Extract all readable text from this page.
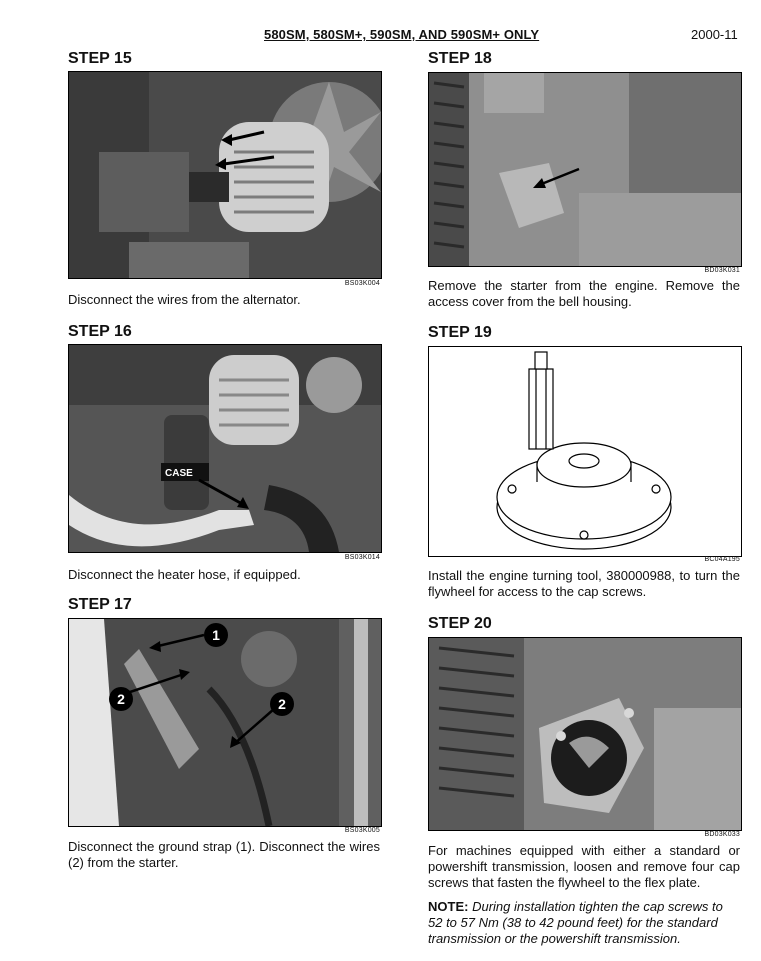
580SM, 580SM+, 590SM, AND 590SM+ ONLY	2000-11
STEP 15
BS03K004
Disconnect the wires from the alternator.
STEP 16
CASE
BS03K014
Disconnect the heater hose, if equipped.
STEP 17
1
2	2
BS03K005
Disconnect the ground strap (1). Disconnect the wires (2) from the starter.
STEP 18
BD03K031
Remove the starter from the engine. Remove the access cover from the bell housing.
STEP 19
BC04A195
Install the engine turning tool, 380000988, to turn the flywheel for access to the cap screws.
STEP 20
BD03K033
For machines equipped with either a standard or powershift transmission, loosen and remove four cap screws that fasten the flywheel to the flex plate.
NOTE: During installation tighten the cap screws to 52 to 57 Nm (38 to 42 pound feet) for the standard transmission or the powershift transmission.
